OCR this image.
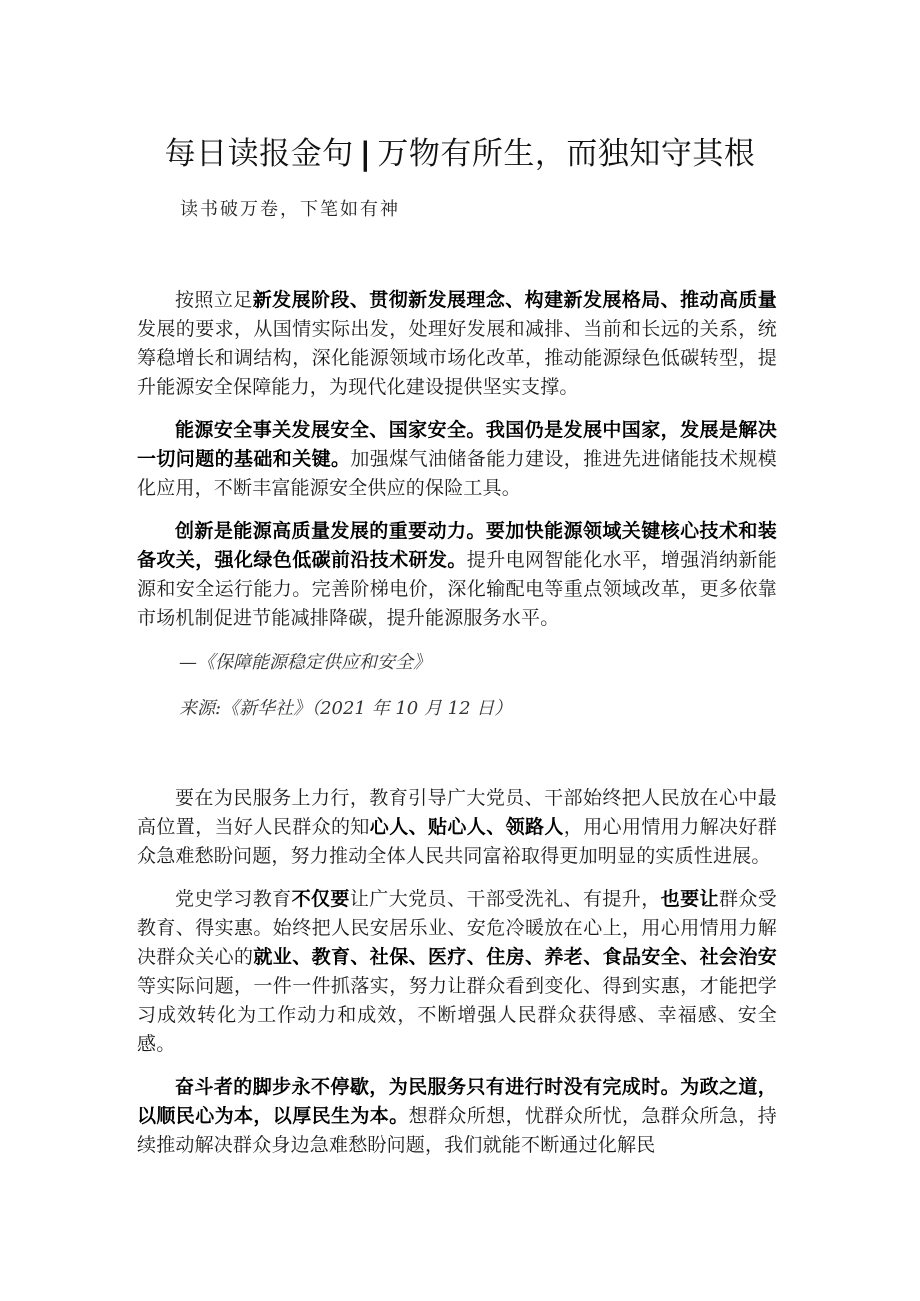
每日读报金句 | 万物有所生，而独知守其根
读书破万卷，下笔如有神

按照立足新发展阶段、贯彻新发展理念、构建新发展格局、推动高质量发展的要求，从国情实际出发，处理好发展和减排、当前和长远的关系，统筹稳增长和调结构，深化能源领域市场化改革，推动能源绿色低碳转型，提升能源安全保障能力，为现代化建设提供坚实支撑。

能源安全事关发展安全、国家安全。我国仍是发展中国家，发展是解决一切问题的基础和关键。加强煤气油储备能力建设，推进先进储能技术规模化应用，不断丰富能源安全供应的保险工具。

创新是能源高质量发展的重要动力。要加快能源领域关键核心技术和装备攻关，强化绿色低碳前沿技术研发。提升电网智能化水平，增强消纳新能源和安全运行能力。完善阶梯电价，深化输配电等重点领域改革，更多依靠市场机制促进节能减排降碳，提升能源服务水平。

—《保障能源稳定供应和安全》

来源:《新华社》（2021 年 10 月 12 日）

要在为民服务上力行，教育引导广大党员、干部始终把人民放在心中最高位置，当好人民群众的知心人、贴心人、领路人，用心用情用力解决好群众急难愁盼问题，努力推动全体人民共同富裕取得更加明显的实质性进展。

党史学习教育不仅要让广大党员、干部受洗礼、有提升，也要让群众受教育、得实惠。始终把人民安居乐业、安危冷暖放在心上，用心用情用力解决群众关心的就业、教育、社保、医疗、住房、养老、食品安全、社会治安等实际问题，一件一件抓落实，努力让群众看到变化、得到实惠，才能把学习成效转化为工作动力和成效，不断增强人民群众获得感、幸福感、安全感。

奋斗者的脚步永不停歇，为民服务只有进行时没有完成时。为政之道，以顺民心为本，以厚民生为本。想群众所想，忧群众所忧，急群众所急，持续推动解决群众身边急难愁盼问题，我们就能不断通过化解民
